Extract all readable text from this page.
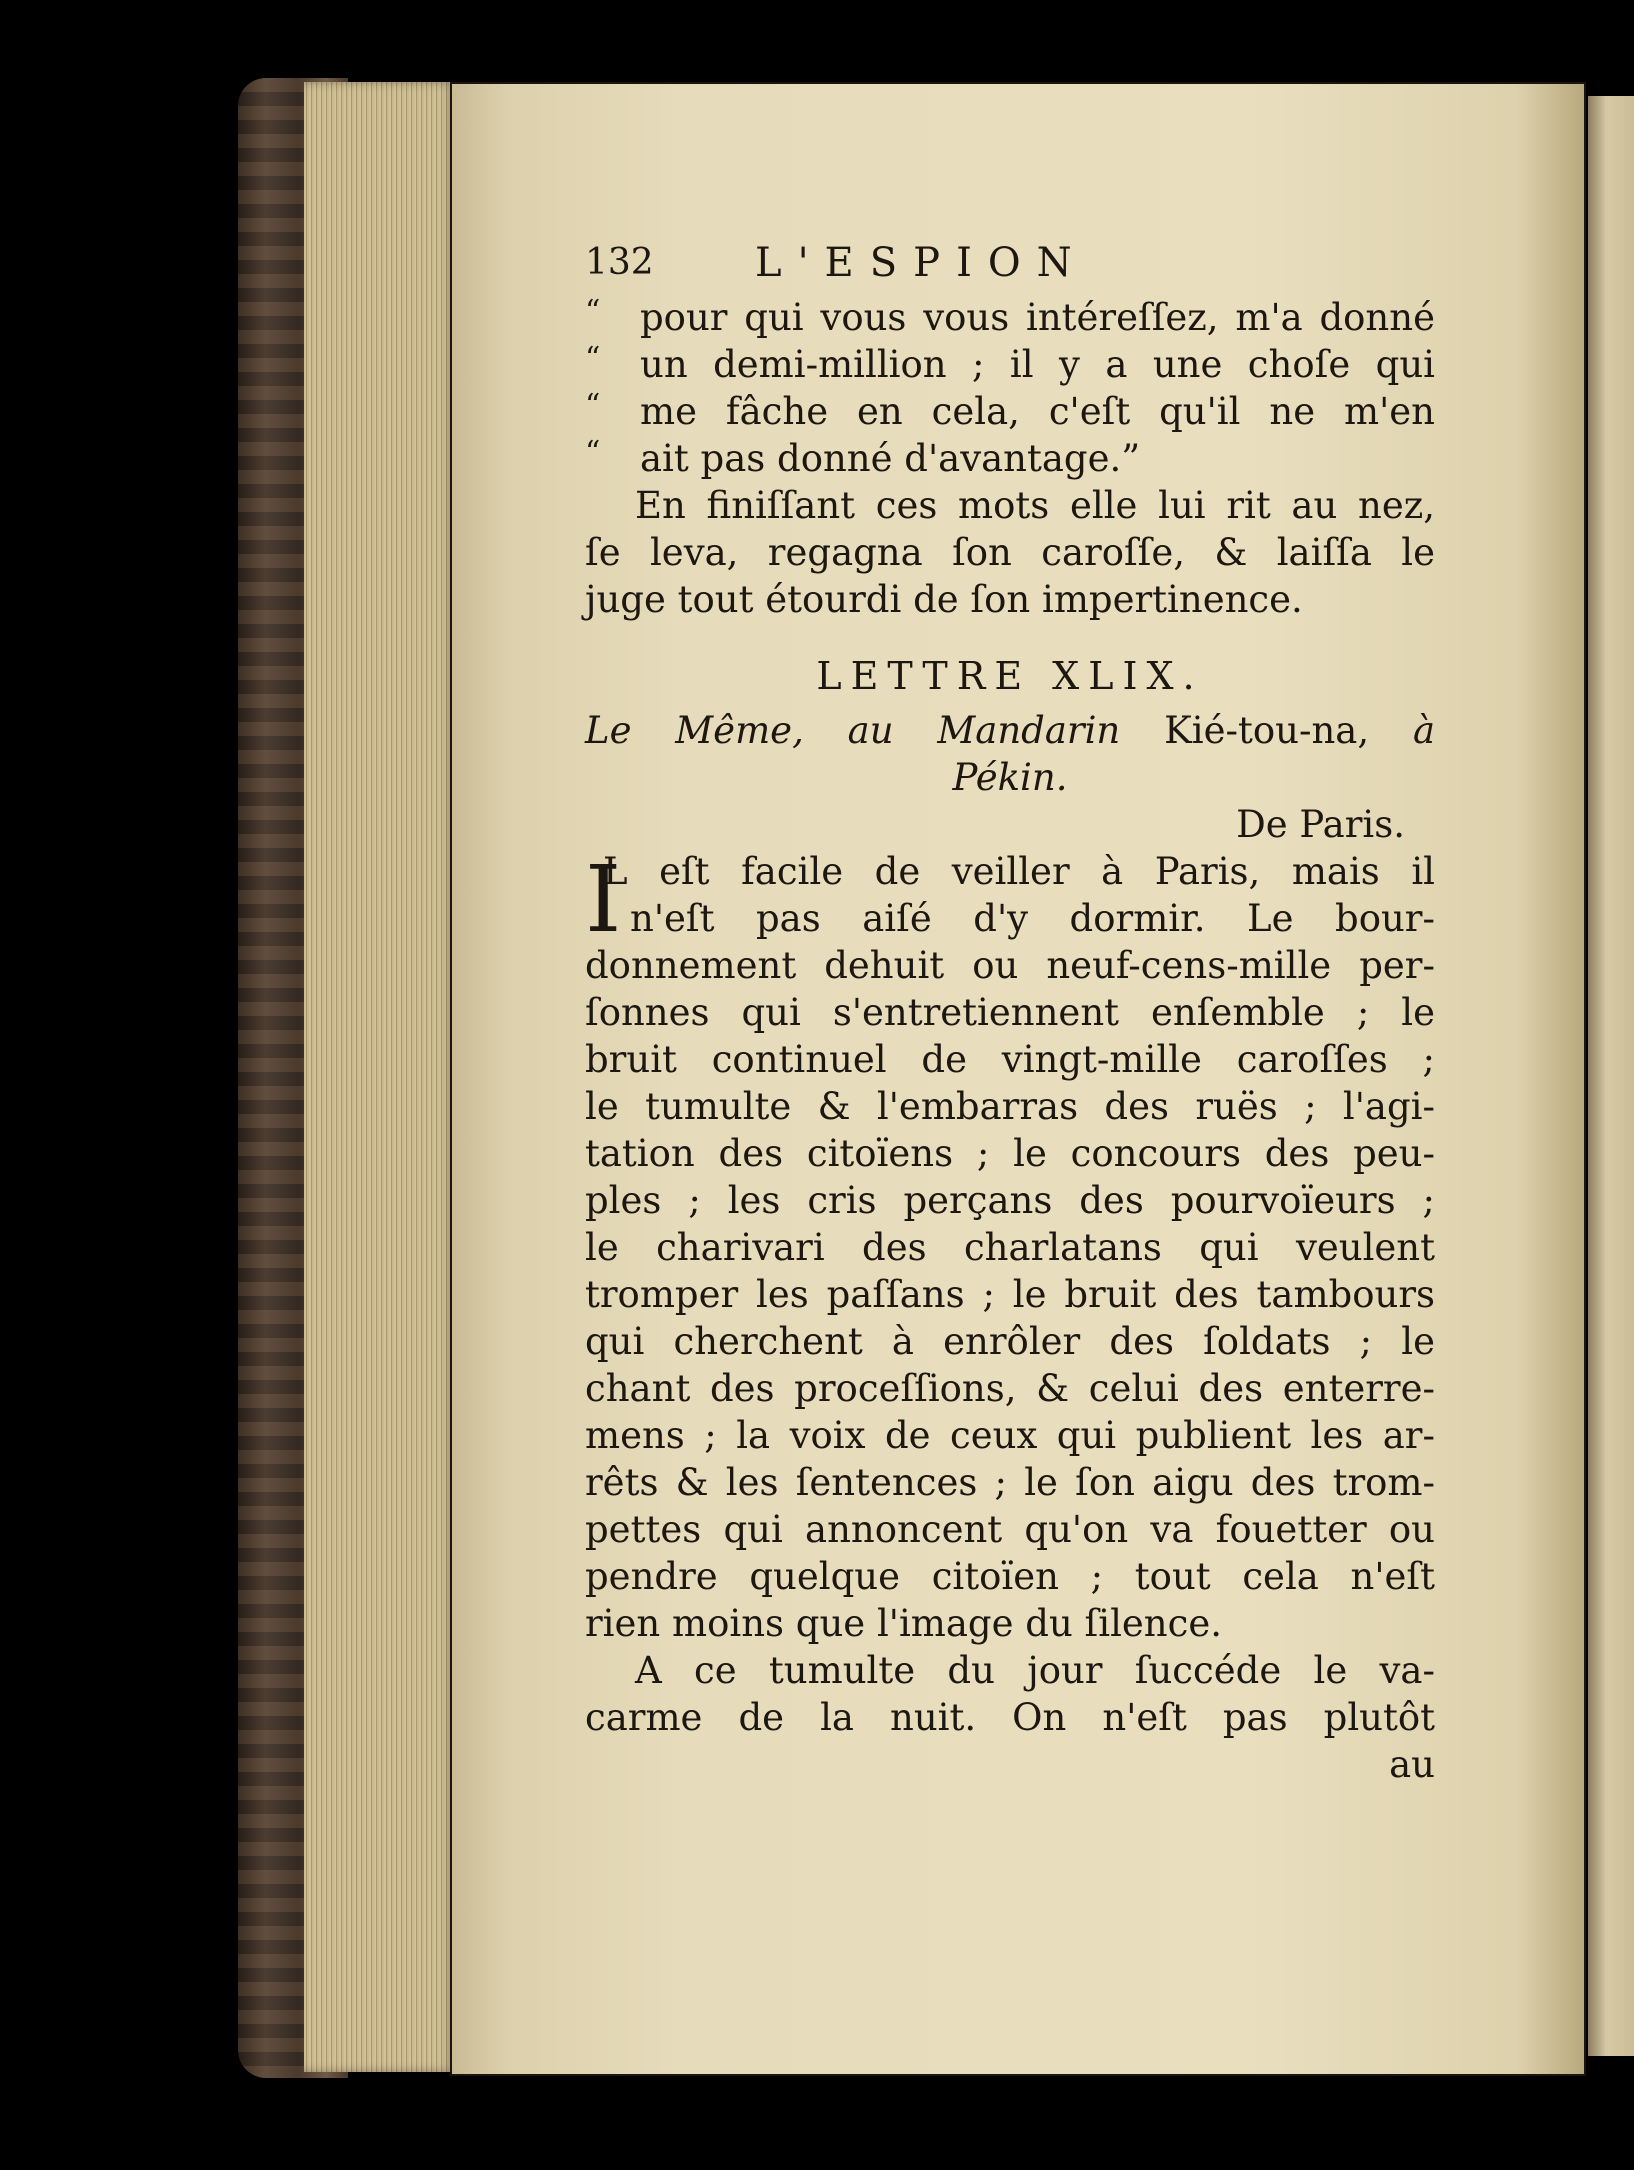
132	L'ESPION
“ pour qui vous vous intéreſſez, m'a donné
“ un demi-million ; il y a une choſe qui
“ me fâche en cela, c'eſt qu'il ne m'en
“ ait pas donné d'avantage.”
En finiſſant ces mots elle lui rit au nez,
ſe leva, regagna ſon caroſſe, & laiſſa le
juge tout étourdi de ſon impertinence.
LETTRE XLIX.
Le Même, au Mandarin Kié-tou-na, à
Pékin.
De Paris.
I
L eſt facile de veiller à Paris, mais il
n'eſt pas aiſé d'y dormir. Le bour-
donnement dehuit ou neuf-cens-mille per-
ſonnes qui s'entretiennent enſemble ; le
bruit continuel de vingt-mille caroſſes ;
le tumulte & l'embarras des ruës ; l'agi-
tation des citoïens ; le concours des peu-
ples ; les cris perçans des pourvoïeurs ;
le charivari des charlatans qui veulent
tromper les paſſans ; le bruit des tambours
qui cherchent à enrôler des ſoldats ; le
chant des proceſſions, & celui des enterre-
mens ; la voix de ceux qui publient les ar-
rêts & les ſentences ; le ſon aigu des trom-
pettes qui annoncent qu'on va fouetter ou
pendre quelque citoïen ; tout cela n'eſt
rien moins que l'image du ſilence.
A ce tumulte du jour ſuccéde le va-
carme de la nuit. On n'eſt pas plutôt
au
